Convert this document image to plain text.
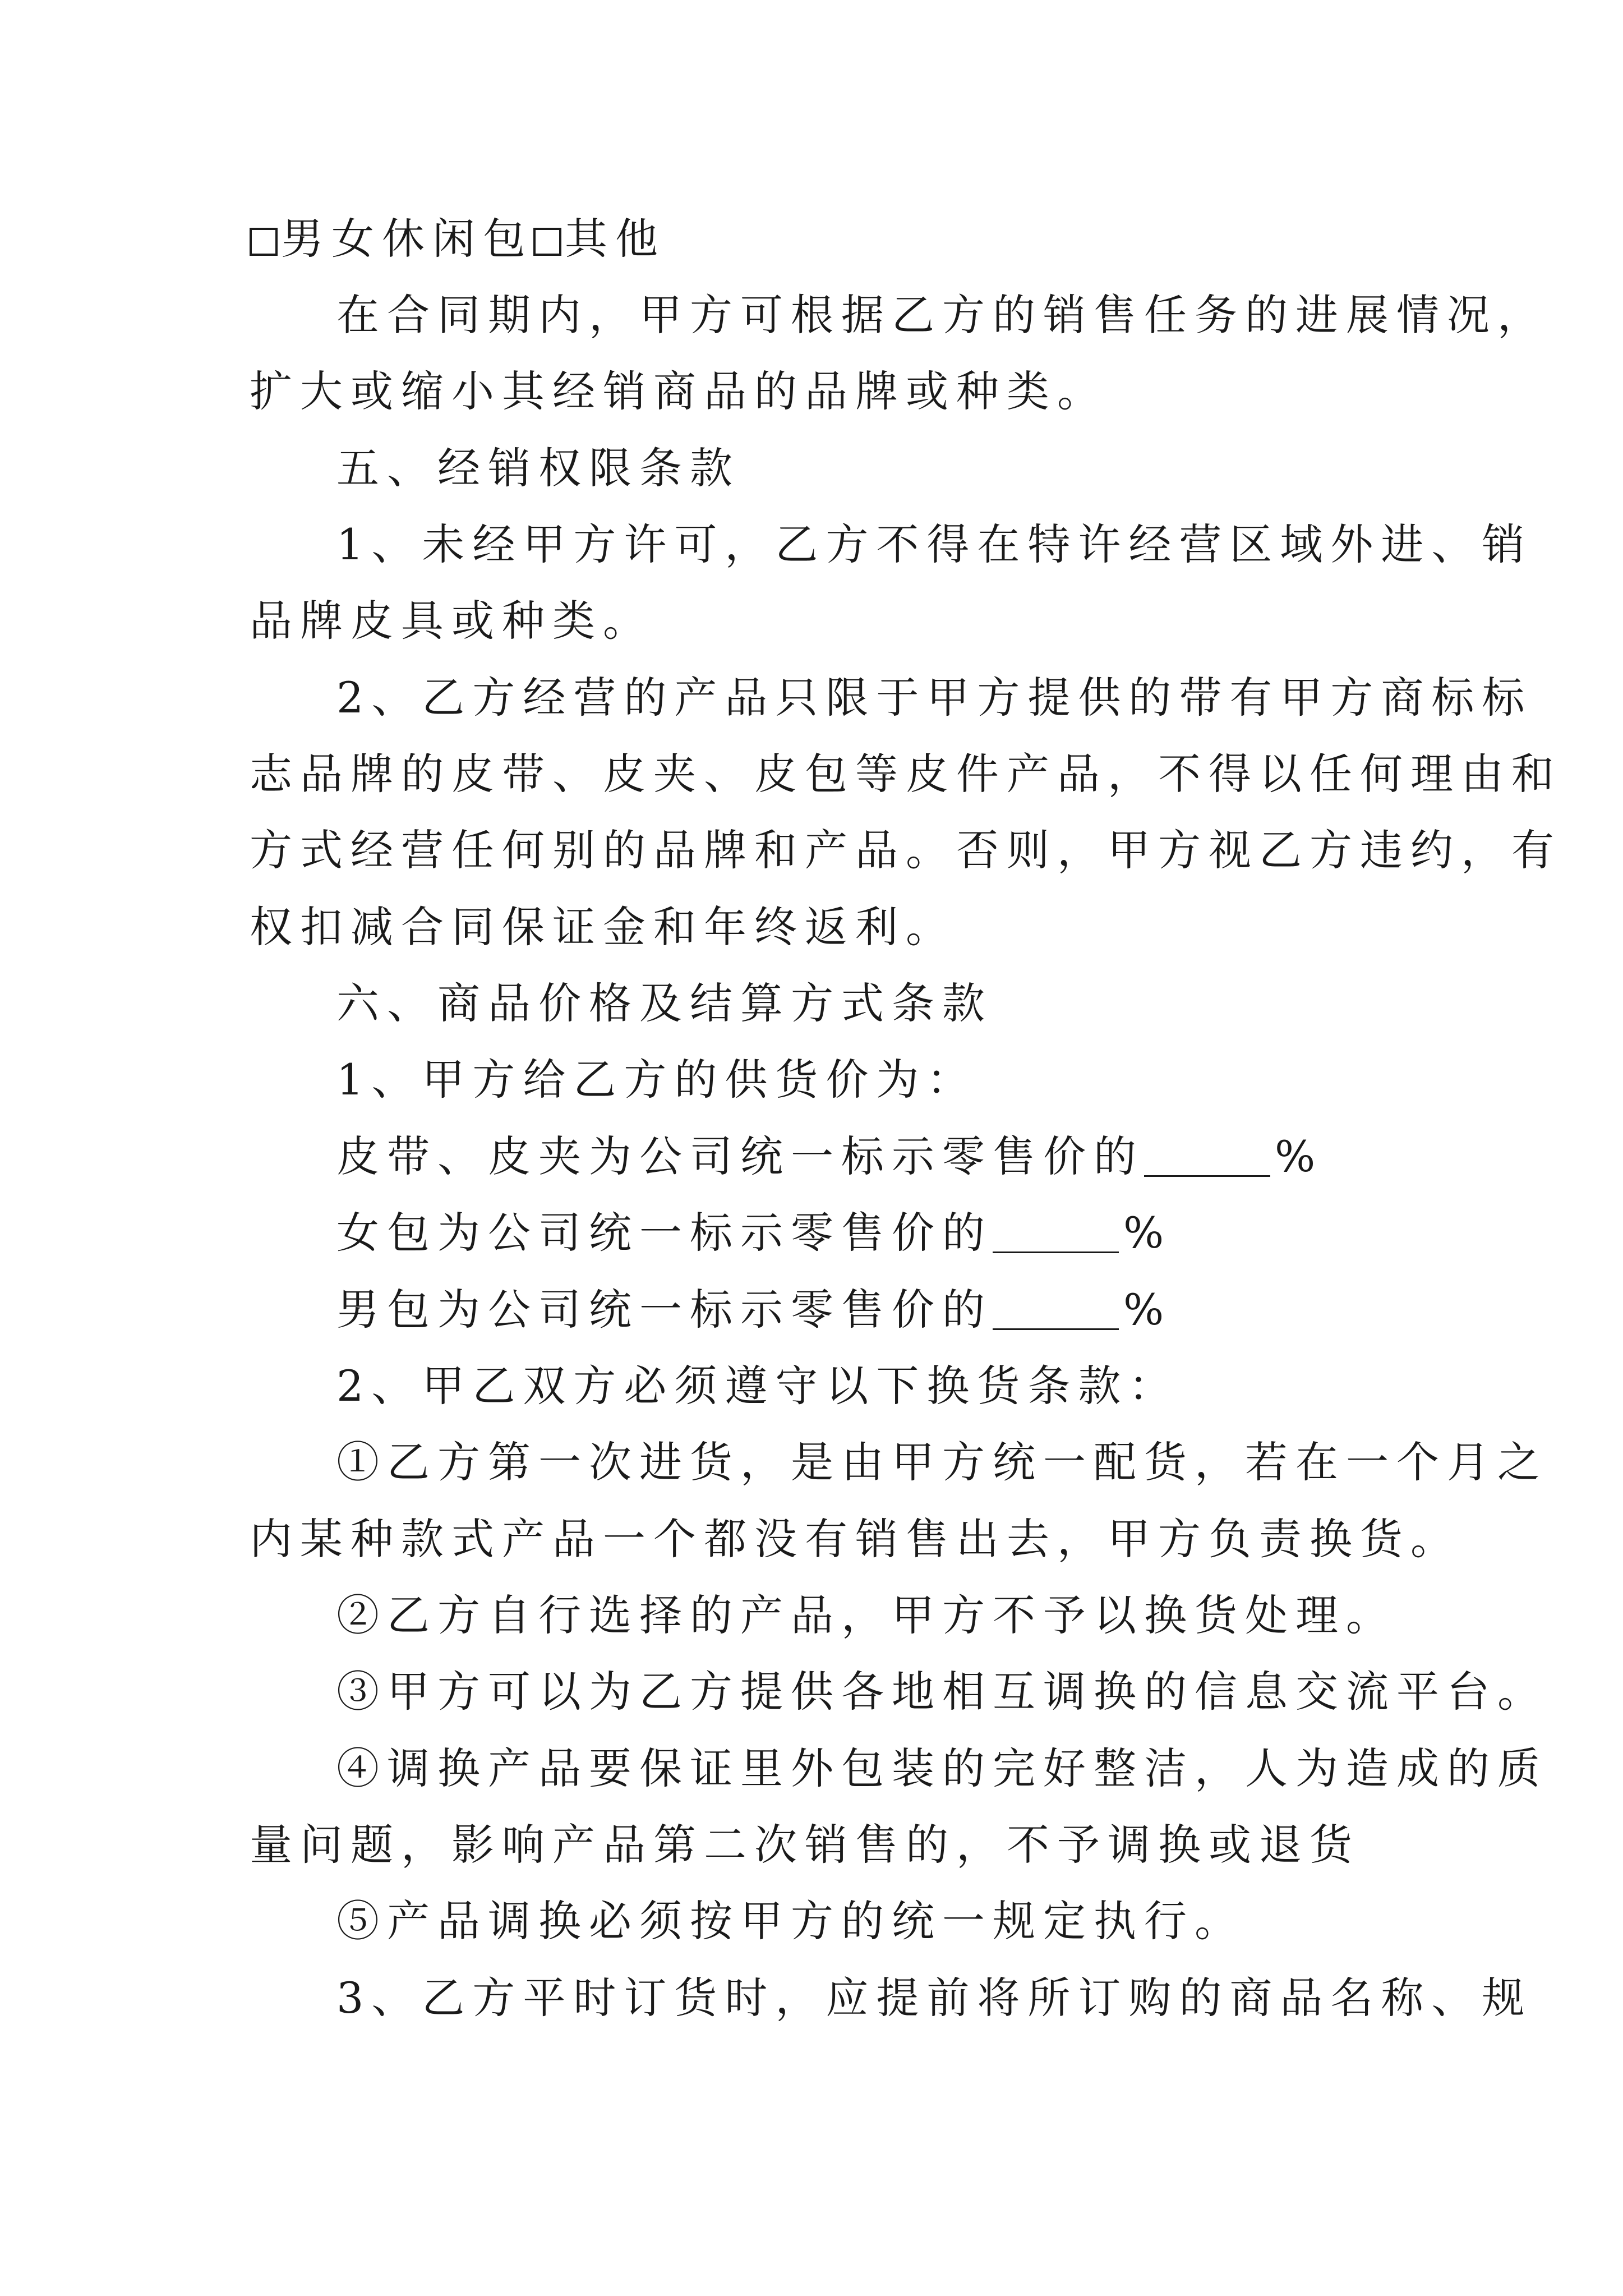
男女休闲包 其他
在合同期内，甲方可根据乙方的销售任务的进展情况，
扩大或缩小其经销商品的品牌或种类。
五、经销权限条款
1、未经甲方许可，乙方不得在特许经营区域外进、销
品牌皮具或种类。
2、乙方经营的产品只限于甲方提供的带有甲方商标标
志品牌的皮带、皮夹、皮包等皮件产品，不得以任何理由和
方式经营任何别的品牌和产品。否则，甲方视乙方违约，有
权扣减合同保证金和年终返利。
六、商品价格及结算方式条款
1、甲方给乙方的供货价为：
皮带、皮夹为公司统一标示零售价的	%
女包为公司统一标示零售价的	%
男包为公司统一标示零售价的	%
2、甲乙双方必须遵守以下换货条款：
①乙方第一次进货，是由甲方统一配货，若在一个月之
内某种款式产品一个都没有销售出去，甲方负责换货。
②乙方自行选择的产品，甲方不予以换货处理。
③甲方可以为乙方提供各地相互调换的信息交流平台。
④调换产品要保证里外包装的完好整洁，人为造成的质
量问题，影响产品第二次销售的，不予调换或退货
⑤产品调换必须按甲方的统一规定执行。
3、乙方平时订货时，应提前将所订购的商品名称、规
